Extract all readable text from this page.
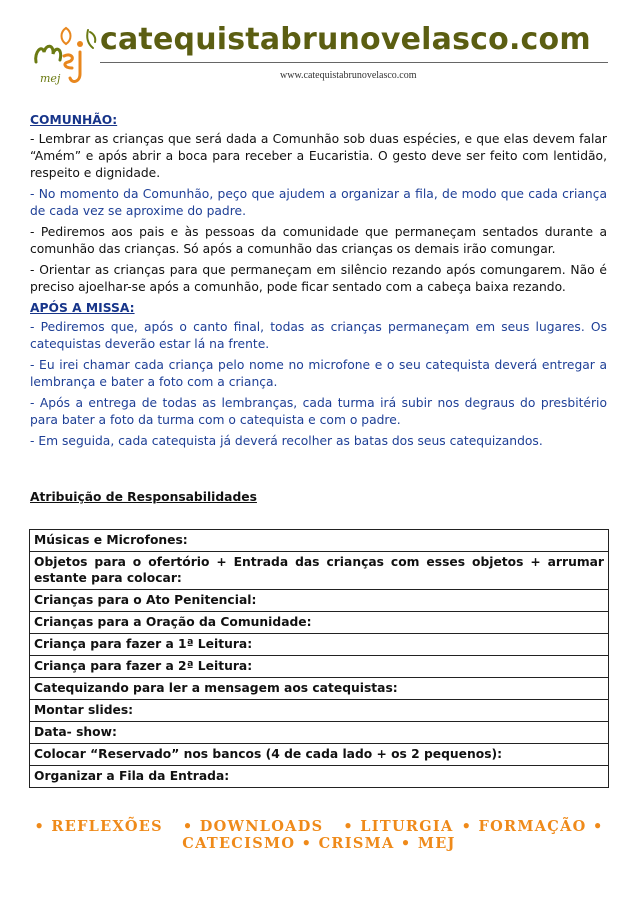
mej
catequistabrunovelasco.com
www.catequistabrunovelasco.com
COMUNHÃO:

- Lembrar as crianças que será dada a Comunhão sob duas espécies, e que elas devem falar “Amém” e após abrir a boca para receber a Eucaristia. O gesto deve ser feito com lentidão, respeito e dignidade.

- No momento da Comunhão, peço que ajudem a organizar a fila, de modo que cada criança de cada vez se aproxime do padre.

- Pediremos aos pais e às pessoas da comunidade que permaneçam sentados durante a comunhão das crianças. Só após a comunhão das crianças os demais irão comungar.

- Orientar as crianças para que permaneçam em silêncio rezando após comungarem. Não é preciso ajoelhar-se após a comunhão, pode ficar sentado com a cabeça baixa rezando.

APÓS A MISSA:

- Pediremos que, após o canto final, todas as crianças permaneçam em seus lugares. Os catequistas deverão estar lá na frente.

- Eu irei chamar cada criança pelo nome no microfone e o seu catequista deverá entregar a lembrança e bater a foto com a criança.

- Após a entrega de todas as lembranças, cada turma irá subir nos degraus do presbitério para bater a foto da turma com o catequista e com o padre.

- Em seguida, cada catequista já deverá recolher as batas dos seus catequizandos.

Atribuição de Responsabilidades
Músicas e Microfones:
Objetos para o ofertório + Entrada das crianças com esses objetos + arrumar estante para colocar:
Crianças para o Ato Penitencial:
Crianças para a Oração da Comunidade:
Criança para fazer a 1ª Leitura:
Criança para fazer a 2ª Leitura:
Catequizando para ler a mensagem aos catequistas:
Montar slides:
Data- show:
Colocar “Reservado” nos bancos (4 de cada lado + os 2 pequenos):
Organizar a Fila da Entrada:
• REFLEXÕES • DOWNLOADS • LITURGIA • FORMAÇÃO •
CATECISMO • CRISMA • MEJ
